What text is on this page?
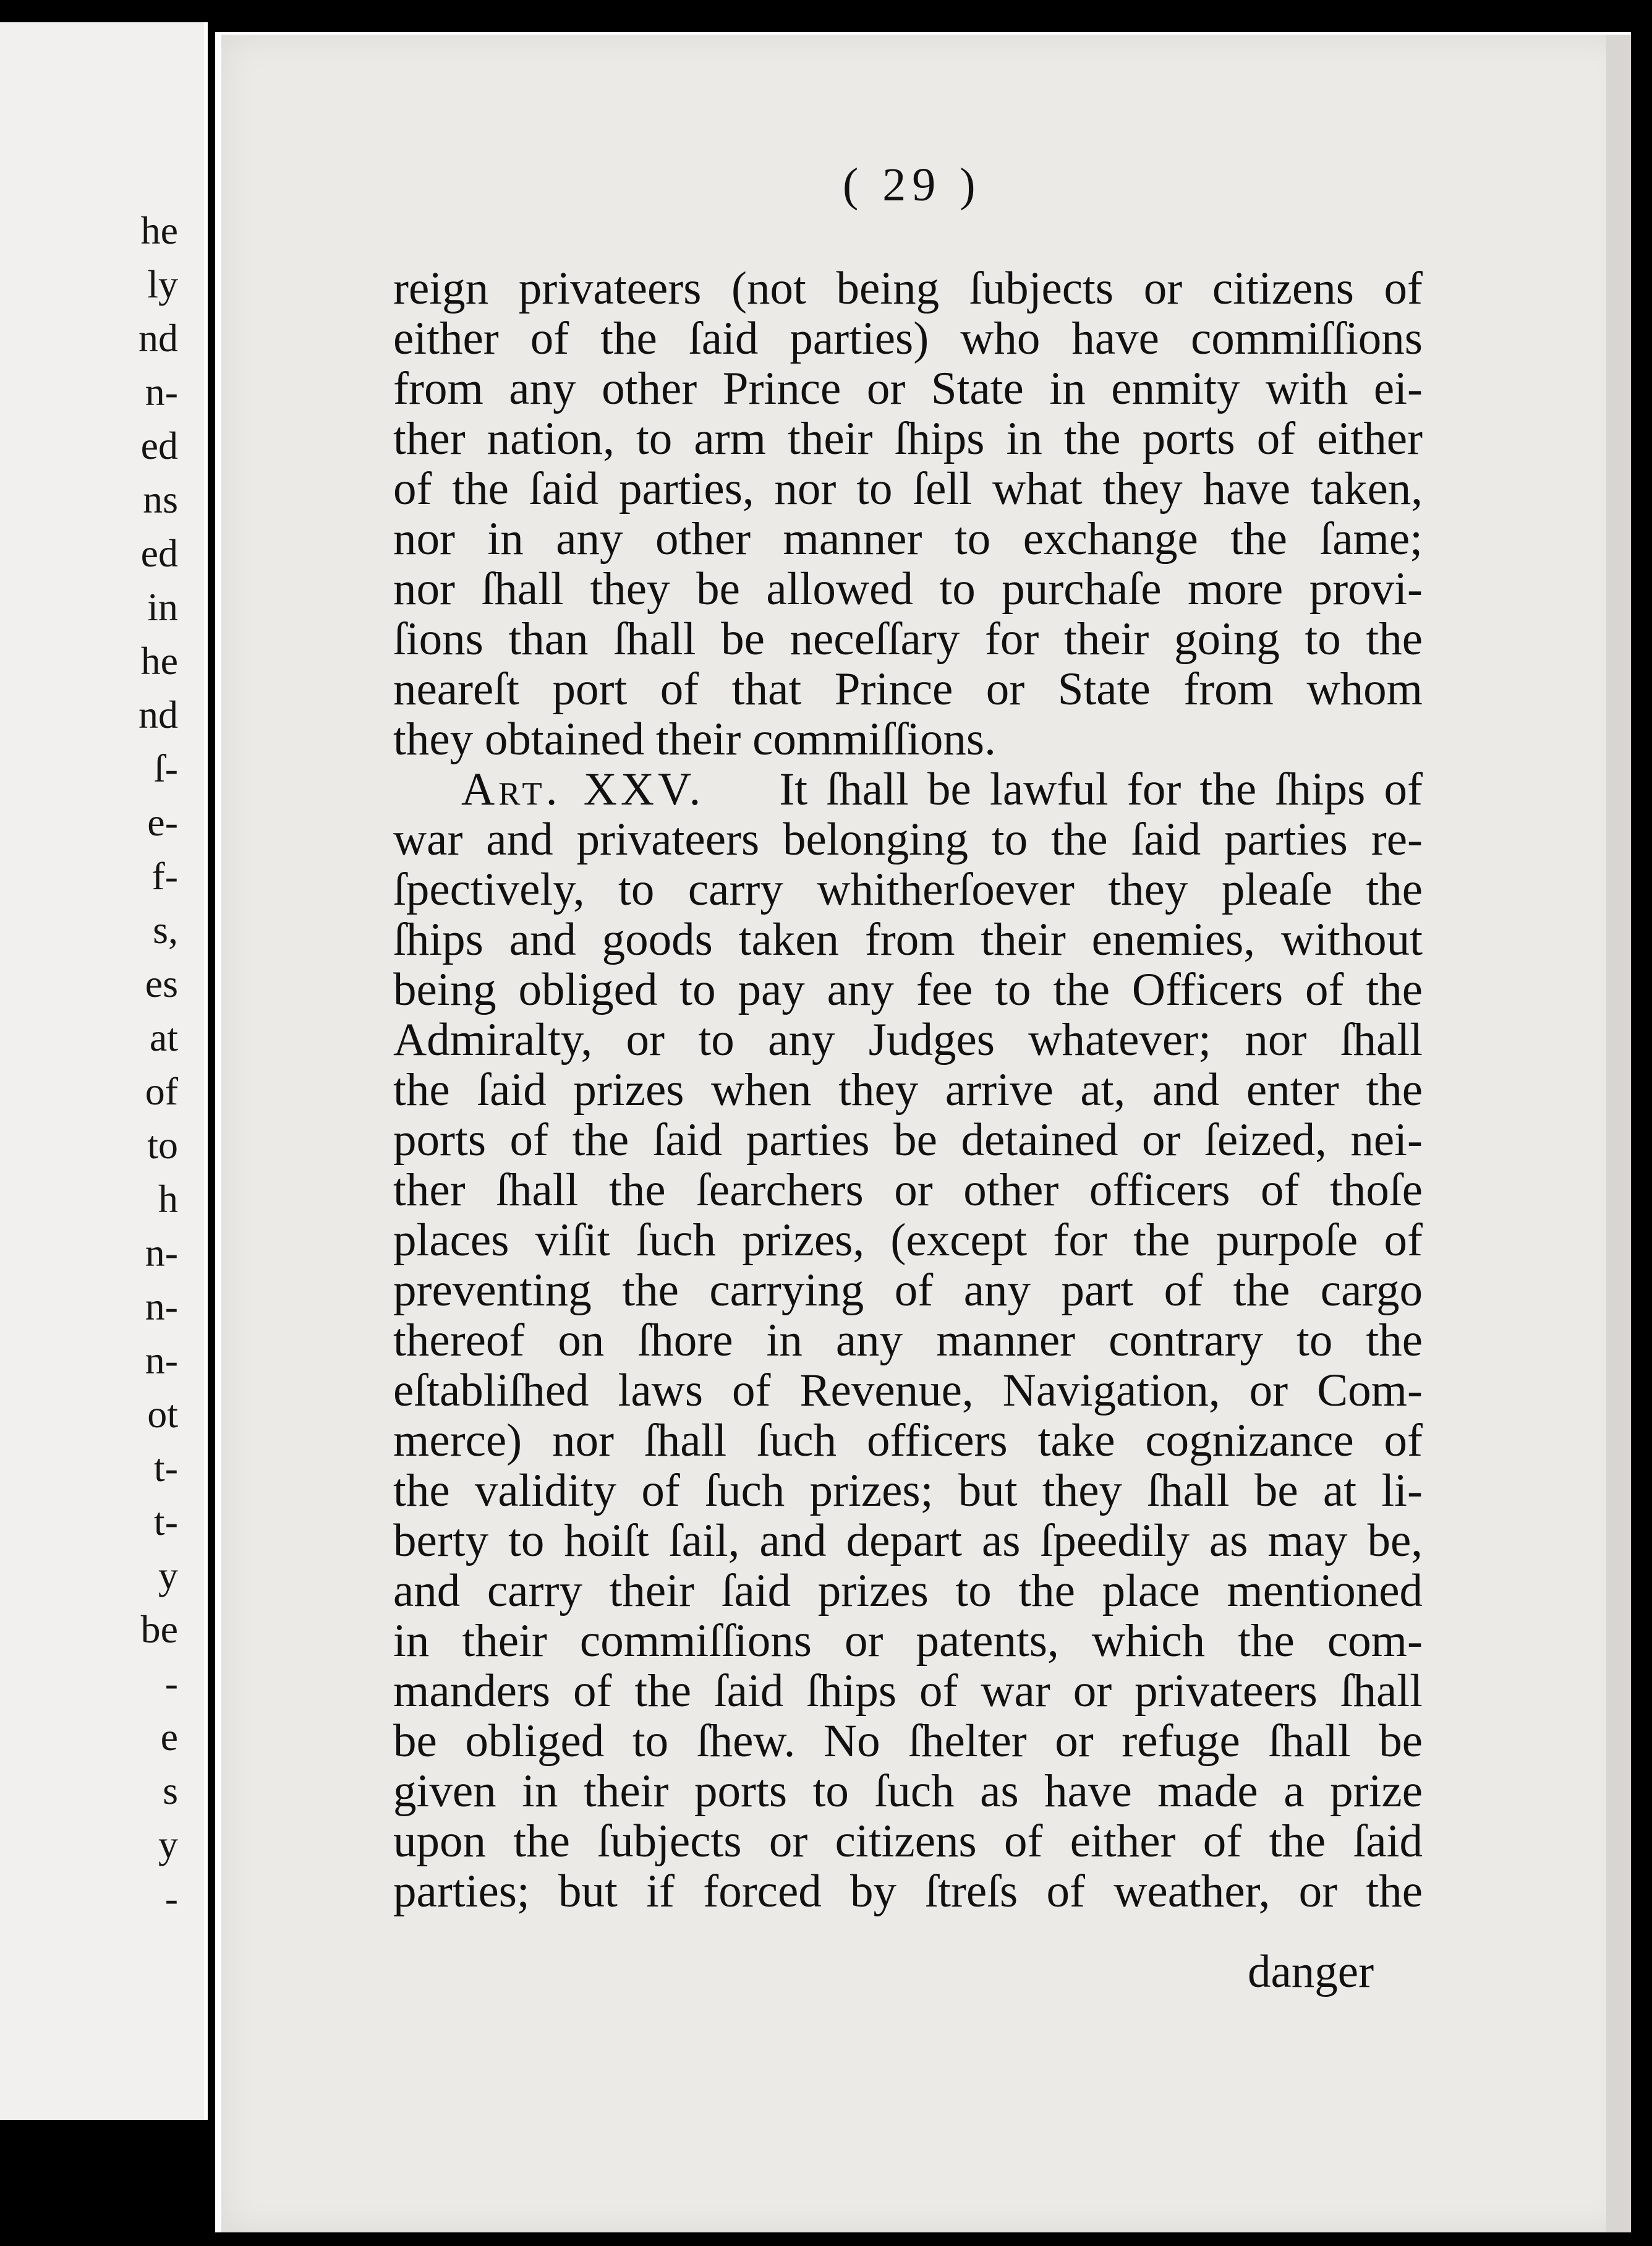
he
ly
nd
n-
ed
ns
ed
in
he
nd
ſ-
e-
f-
s,
es
at
of
to
h
n-
n-
n-
ot
t-
t-
y
be
-
e
s
y
-
( 29 )
reign privateers (not being ſubjects or citizens of
either of the ſaid parties) who have commiſſions
from any other Prince or State in enmity with ei-
ther nation, to arm their ſhips in the ports of either
of the ſaid parties, nor to ſell what they have taken,
nor in any other manner to exchange the ſame;
nor ſhall they be allowed to purchaſe more provi-
ſions than ſhall be neceſſary for their going to the
neareſt port of that Prince or State from whom
they obtained their commiſſions.
Art. XXV. It ſhall be lawful for the ſhips of
war and privateers belonging to the ſaid parties re-
ſpectively, to carry whitherſoever they pleaſe the
ſhips and goods taken from their enemies, without
being obliged to pay any fee to the Officers of the
Admiralty, or to any Judges whatever; nor ſhall
the ſaid prizes when they arrive at, and enter the
ports of the ſaid parties be detained or ſeized, nei-
ther ſhall the ſearchers or other officers of thoſe
places viſit ſuch prizes, (except for the purpoſe of
preventing the carrying of any part of the cargo
thereof on ſhore in any manner contrary to the
eſtabliſhed laws of Revenue, Navigation, or Com-
merce) nor ſhall ſuch officers take cognizance of
the validity of ſuch prizes; but they ſhall be at li-
berty to hoiſt ſail, and depart as ſpeedily as may be,
and carry their ſaid prizes to the place mentioned
in their commiſſions or patents, which the com-
manders of the ſaid ſhips of war or privateers ſhall
be obliged to ſhew. No ſhelter or refuge ſhall be
given in their ports to ſuch as have made a prize
upon the ſubjects or citizens of either of the ſaid
parties; but if forced by ſtreſs of weather, or the
danger
